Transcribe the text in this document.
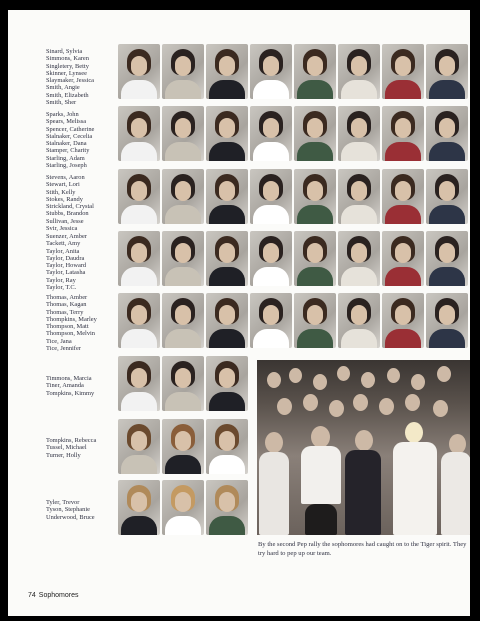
Sinard, Sylvia
Simmons, Karen
Singletery, Betty
Skinner, Lynsee
Slaymaker, Jessica
Smith, Angie
Smith, Elizabeth
Smith, Sher
Sparks, John
Spears, Melissa
Spencer, Catherine
Stalnaker, Cecelia
Stalnaker, Dana
Stamper, Charity
Starling, Adam
Starling, Joseph
Stevens, Aaron
Stewart, Lori
Stith, Kelly
Stokes, Randy
Strickland, Crystal
Stubbs, Brandon
Sullivan, Jesse
Svir, Jessica
Suenzer, Amber
Tackett, Amy
Taylor, Anita
Taylor, Daudra
Taylor, Howard
Taylor, Latasha
Taylor, Ray
Taylor, T.C.
Thomas, Amber
Thomas, Kagan
Thomas, Terry
Thompkins, Marley
Thompson, Matt
Thompson, Melvin
Tice, Jana
Tice, Jennifer
Timmons, Marcia
Tiner, Amanda
Tompkins, Kimmy
Tompkins, Rebecca
Tussel, Michael
Turner, Holly
Tyler, Trevor
Tyson, Stephanie
Underwood, Bruce
By the second Pep rally the sophomores had caught on to the Tiger spirit. They try hard to pep up our team.
74 Sophomores
